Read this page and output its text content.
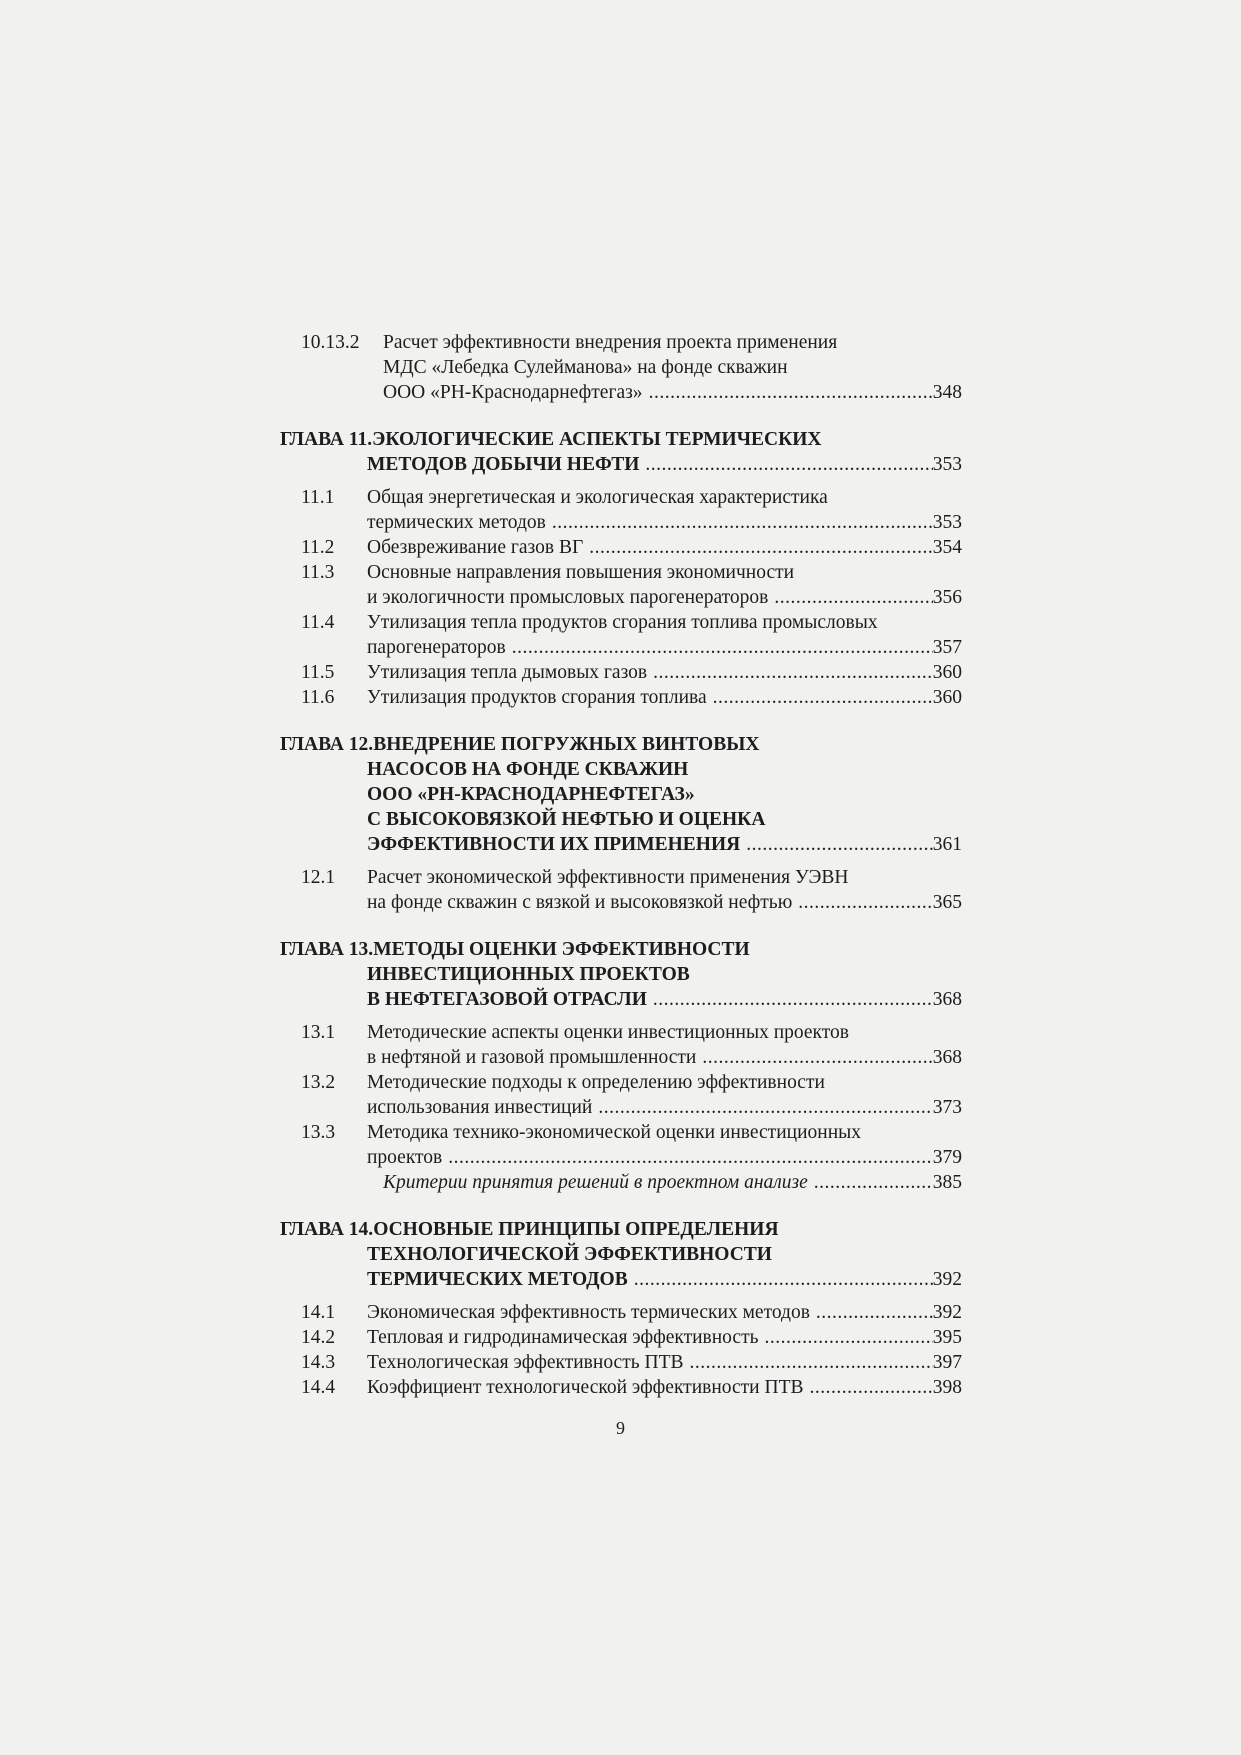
10.13.2	Расчет эффективности внедрения проекта применения
МДС «Лебедка Сулейманова» на фонде скважин
ООО «РН-Краснодарнефтегаз» .....	348
ГЛАВА 11. ЭКОЛОГИЧЕСКИЕ АСПЕКТЫ ТЕРМИЧЕСКИХ
МЕТОДОВ ДОБЫЧИ НЕФТИ .....	353
11.1	Общая энергетическая и экологическая характеристика
термических методов .....	353
11.2	Обезвреживание газов ВГ .....	354
11.3	Основные направления повышения экономичности
и экологичности промысловых парогенераторов .....	356
11.4	Утилизация тепла продуктов сгорания топлива промысловых
парогенераторов .....	357
11.5	Утилизация тепла дымовых газов .....	360
11.6	Утилизация продуктов сгорания топлива .....	360
ГЛАВА 12. ВНЕДРЕНИЕ ПОГРУЖНЫХ ВИНТОВЫХ
НАСОСОВ НА ФОНДЕ СКВАЖИН
ООО «РН-КРАСНОДАРНЕФТЕГАЗ»
С ВЫСОКОВЯЗКОЙ НЕФТЬЮ И ОЦЕНКА
ЭФФЕКТИВНОСТИ ИХ ПРИМЕНЕНИЯ .....	361
12.1	Расчет экономической эффективности применения УЭВН
на фонде скважин с вязкой и высоковязкой нефтью .....	365
ГЛАВА 13. МЕТОДЫ ОЦЕНКИ ЭФФЕКТИВНОСТИ
ИНВЕСТИЦИОННЫХ ПРОЕКТОВ
В НЕФТЕГАЗОВОЙ ОТРАСЛИ .....	368
13.1	Методические аспекты оценки инвестиционных проектов
в нефтяной и газовой промышленности .....	368
13.2	Методические подходы к определению эффективности
использования инвестиций .....	373
13.3	Методика технико-экономической оценки инвестиционных
проектов .....	379
Критерии принятия решений в проектном анализе .....	385
ГЛАВА 14. ОСНОВНЫЕ ПРИНЦИПЫ ОПРЕДЕЛЕНИЯ
ТЕХНОЛОГИЧЕСКОЙ ЭФФЕКТИВНОСТИ
ТЕРМИЧЕСКИХ МЕТОДОВ .....	392
14.1	Экономическая эффективность термических методов .....	392
14.2	Тепловая и гидродинамическая эффективность .....	395
14.3	Технологическая эффективность ПТВ .....	397
14.4	Коэффициент технологической эффективности ПТВ .....	398
9
